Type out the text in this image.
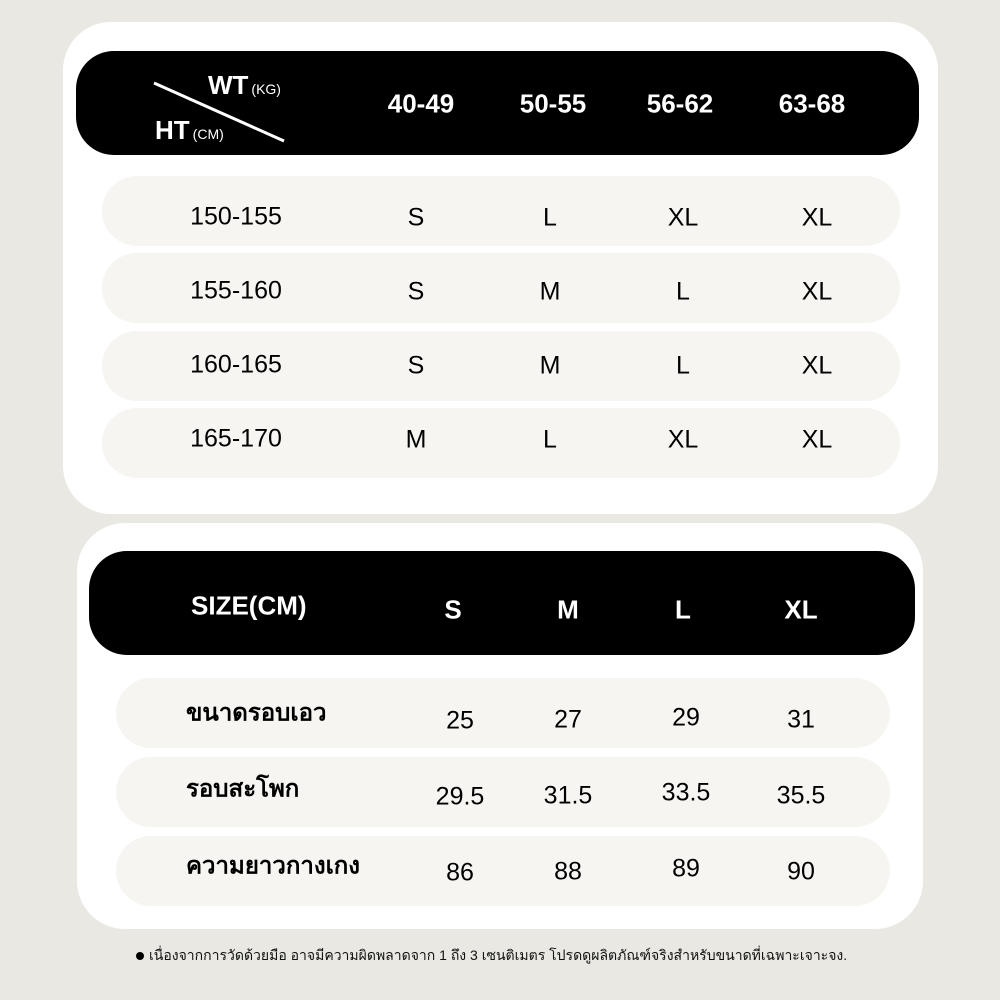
WT (KG)
HT (CM)
40-49	50-55 56-62	63-68
150-155	S	L	XL	XL
155-160	S	M	L	XL
160-165	S	M	L	XL
165-170	M	L	XL	XL
SIZE(CM)	S	M	L	XL
ขนาดรอบเอว	25	27	29	31
รอบสะโพก	29.5 31.5	33.5	35.5
ความยาวกางเกง	86	88	89	90
เนื่องจากการวัดด้วยมือ อาจมีความผิดพลาดจาก 1 ถึง 3 เซนติเมตร โปรดดูผลิตภัณฑ์จริงสำหรับขนาดที่เฉพาะเจาะจง.
